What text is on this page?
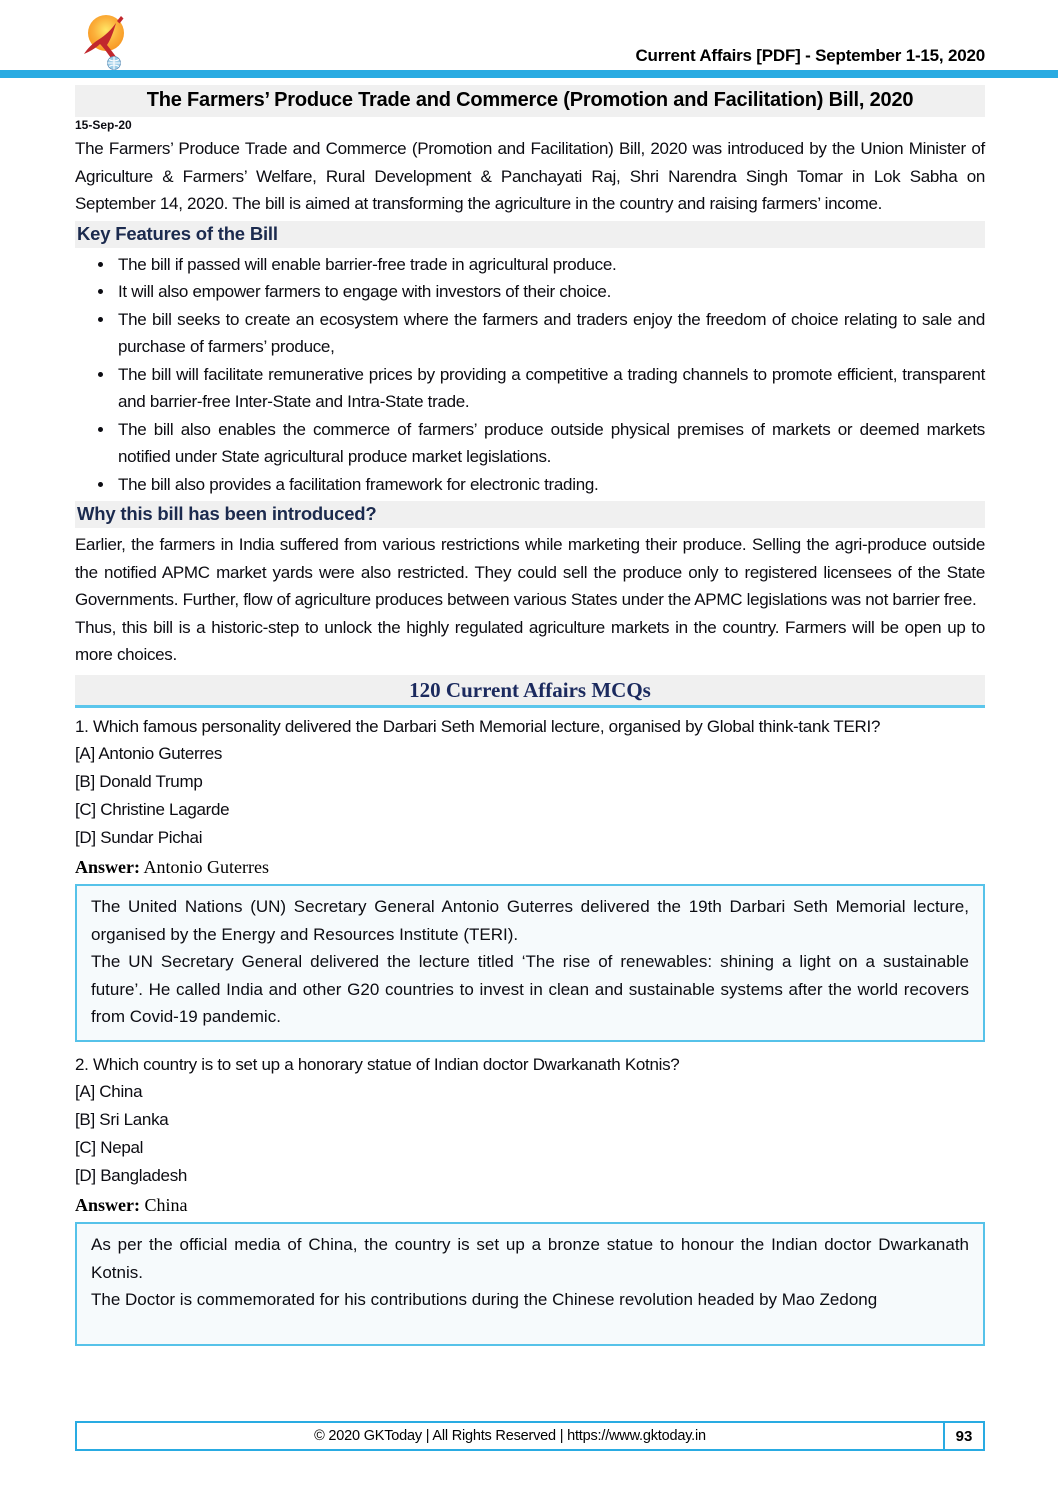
Current Affairs [PDF] - September 1-15, 2020
The Farmers’ Produce Trade and Commerce (Promotion and Facilitation) Bill, 2020
15-Sep-20

The Farmers’ Produce Trade and Commerce (Promotion and Facilitation) Bill, 2020 was introduced by the Union Minister of Agriculture & Farmers’ Welfare, Rural Development & Panchayati Raj, Shri Narendra Singh Tomar in Lok Sabha on September 14, 2020. The bill is aimed at transforming the agriculture in the country and raising farmers’ income.

Key Features of the Bill
• The bill if passed will enable barrier-free trade in agricultural produce.
• It will also empower farmers to engage with investors of their choice.
• The bill seeks to create an ecosystem where the farmers and traders enjoy the freedom of choice relating to sale and purchase of farmers’ produce,
• The bill will facilitate remunerative prices by providing a competitive a trading channels to promote efficient, transparent and barrier-free Inter-State and Intra-State trade.
• The bill also enables the commerce of farmers’ produce outside physical premises of markets or deemed markets notified under State agricultural produce market legislations.
• The bill also provides a facilitation framework for electronic trading.
Why this bill has been introduced?

Earlier, the farmers in India suffered from various restrictions while marketing their produce. Selling the agri-produce outside the notified APMC market yards were also restricted. They could sell the produce only to registered licensees of the State Governments. Further, flow of agriculture produces between various States under the APMC legislations was not barrier free.

Thus, this bill is a historic-step to unlock the highly regulated agriculture markets in the country. Farmers will be open up to more choices.

120 Current Affairs MCQs

1. Which famous personality delivered the Darbari Seth Memorial lecture, organised by Global think-tank TERI?

[A] Antonio Guterres

[B] Donald Trump

[C] Christine Lagarde

[D] Sundar Pichai

Answer: Antonio Guterres

The United Nations (UN) Secretary General Antonio Guterres delivered the 19th Darbari Seth Memorial lecture, organised by the Energy and Resources Institute (TERI).

The UN Secretary General delivered the lecture titled ‘The rise of renewables: shining a light on a sustainable future’. He called India and other G20 countries to invest in clean and sustainable systems after the world recovers from Covid-19 pandemic.

2. Which country is to set up a honorary statue of Indian doctor Dwarkanath Kotnis?

[A] China

[B] Sri Lanka

[C] Nepal

[D] Bangladesh

Answer: China

As per the official media of China, the country is set up a bronze statue to honour the Indian doctor Dwarkanath Kotnis.

The Doctor is commemorated for his contributions during the Chinese revolution headed by Mao Zedong

© 2020 GKToday | All Rights Reserved | https://www.gktoday.in	93
